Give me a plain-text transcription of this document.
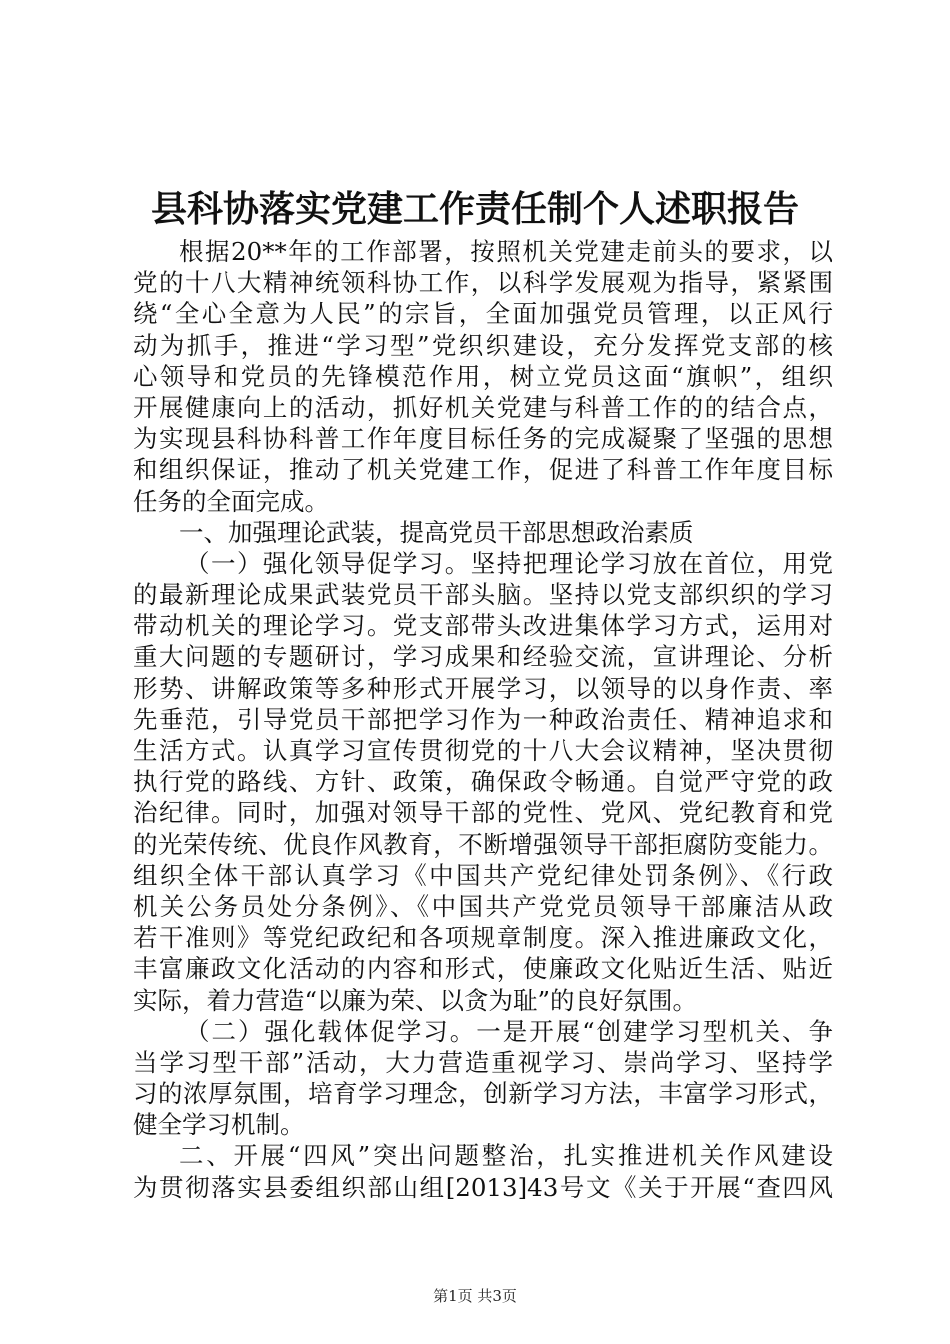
县科协落实党建工作责任制个人述职报告
根据20**年的工作部署，按照机关党建走前头的要求，以
党的十八大精神统领科协工作，以科学发展观为指导，紧紧围
绕“全心全意为人民”的宗旨，全面加强党员管理，以正风行
动为抓手，推进“学习型”党织织建设，充分发挥党支部的核
心领导和党员的先锋模范作用，树立党员这面“旗帜”，组织
开展健康向上的活动，抓好机关党建与科普工作的的结合点，
为实现县科协科普工作年度目标任务的完成凝聚了坚强的思想
和组织保证，推动了机关党建工作，促进了科普工作年度目标
任务的全面完成。
一、加强理论武装，提高党员干部思想政治素质
（一）强化领导促学习。坚持把理论学习放在首位，用党
的最新理论成果武装党员干部头脑。坚持以党支部织织的学习
带动机关的理论学习。党支部带头改进集体学习方式，运用对
重大问题的专题研讨，学习成果和经验交流，宣讲理论、分析
形势、讲解政策等多种形式开展学习，以领导的以身作责、率
先垂范，引导党员干部把学习作为一种政治责任、精神追求和
生活方式。认真学习宣传贯彻党的十八大会议精神，坚决贯彻
执行党的路线、方针、政策，确保政令畅通。自觉严守党的政
治纪律。同时，加强对领导干部的党性、党风、党纪教育和党
的光荣传统、优良作风教育，不断增强领导干部拒腐防变能力。
组织全体干部认真学习《中国共产党纪律处罚条例》、《行政
机关公务员处分条例》、《中国共产党党员领导干部廉洁从政
若干准则》等党纪政纪和各项规章制度。深入推进廉政文化，
丰富廉政文化活动的内容和形式，使廉政文化贴近生活、贴近
实际，着力营造“以廉为荣、以贪为耻”的良好氛围。
（二）强化载体促学习。一是开展“创建学习型机关、争
当学习型干部”活动，大力营造重视学习、崇尚学习、坚持学
习的浓厚氛围，培育学习理念，创新学习方法，丰富学习形式，
健全学习机制。
二、开展“四风”突出问题整治，扎实推进机关作风建设
为贯彻落实县委组织部山组[2013]43号文《关于开展“查四风
第1页 共3页
